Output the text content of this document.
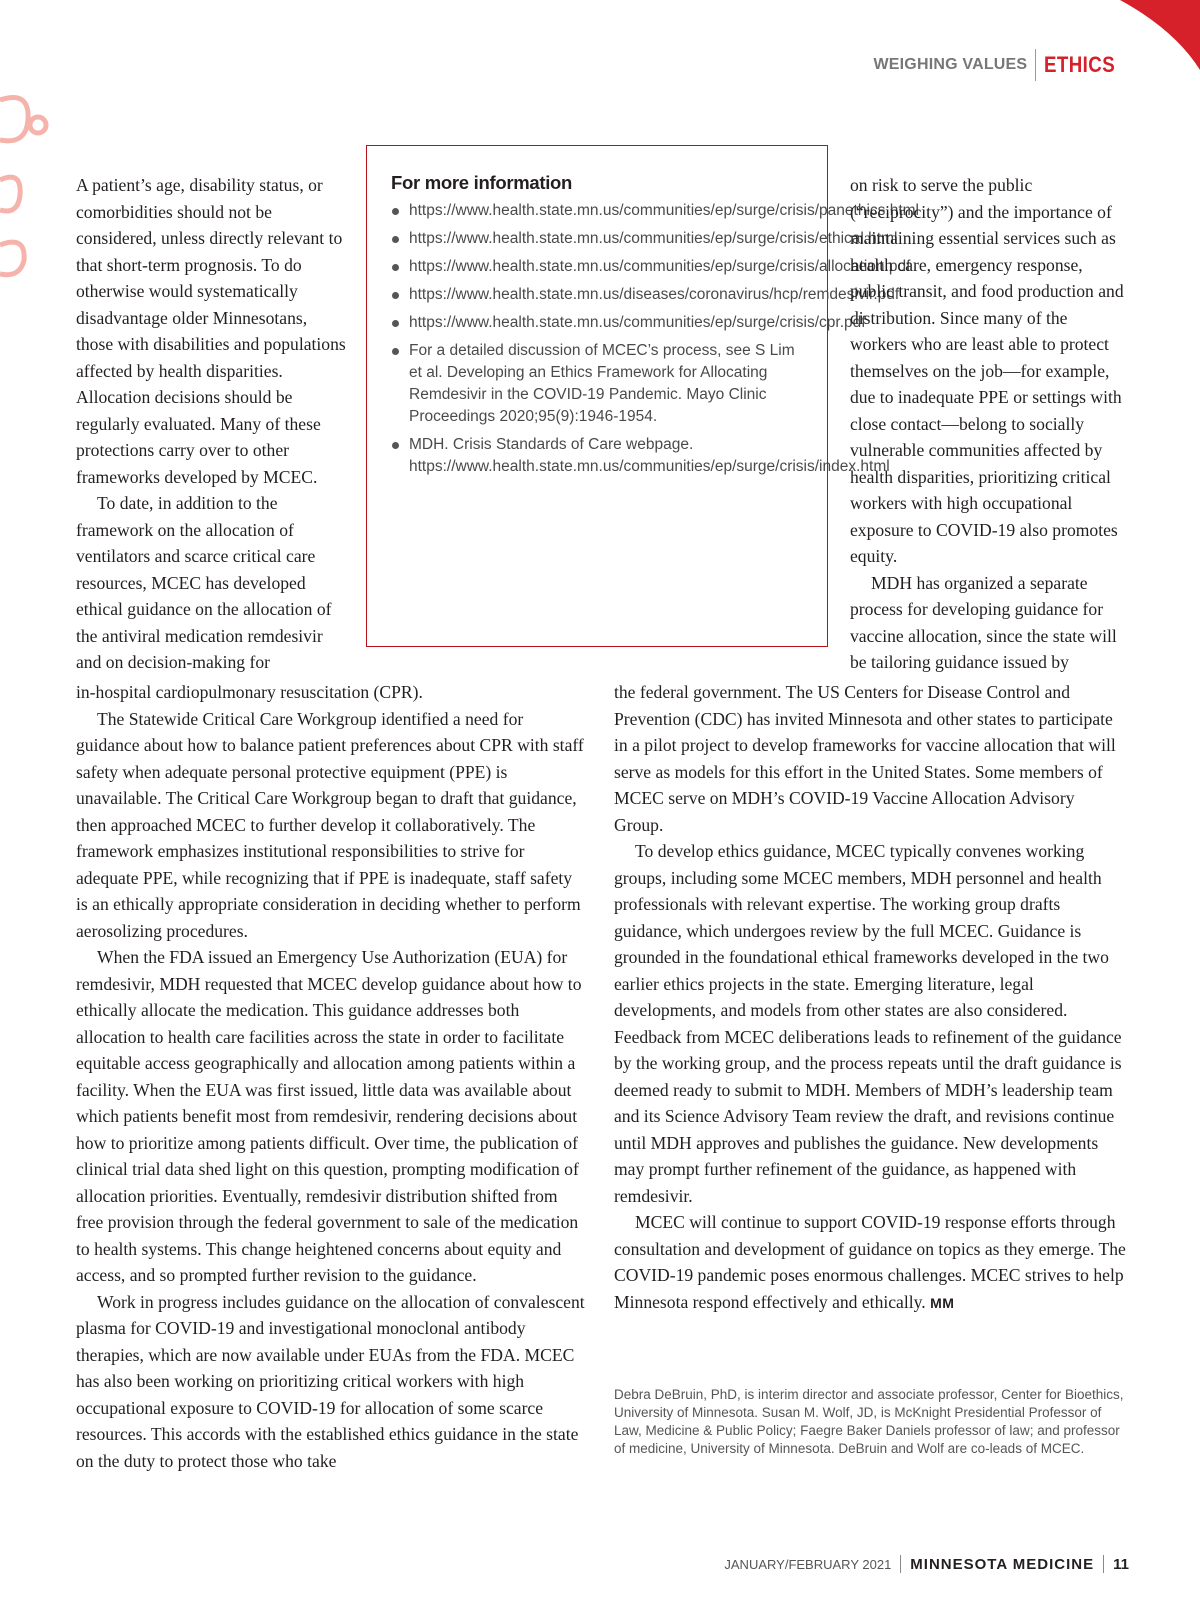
WEIGHING VALUES ETHICS

A patient’s age, disability status, or comorbidities should not be considered, unless directly relevant to that short-term prognosis. To do otherwise would systematically disadvantage older Minnesotans, those with disabilities and populations affected by health disparities. Allocation decisions should be regularly evaluated. Many of these protections carry over to other frameworks developed by MCEC.

To date, in addition to the framework on the allocation of ventilators and scarce critical care resources, MCEC has developed ethical guidance on the allocation of the antiviral medication remdesivir and on decision-making for

For more information
https://www.health.state.mn.us/communities/ep/surge/crisis/panethics.html
https://www.health.state.mn.us/communities/ep/surge/crisis/ethical.html
https://www.health.state.mn.us/communities/ep/surge/crisis/allocation.pdf
https://www.health.state.mn.us/diseases/coronavirus/hcp/remdesivir.pdf
https://www.health.state.mn.us/communities/ep/surge/crisis/cpr.pdf
For a detailed discussion of MCEC’s process, see S Lim et al. Developing an Ethics Framework for Allocating Remdesivir in the COVID-19 Pandemic. Mayo Clinic Proceedings 2020;95(9):1946-1954.
MDH. Crisis Standards of Care webpage. https://www.health.state.mn.us/communities/ep/surge/crisis/index.html

on risk to serve the public (“reciprocity”) and the importance of maintaining essential services such as health care, emergency response, public transit, and food production and distribution. Since many of the workers who are least able to protect themselves on the job—for example, due to inadequate PPE or settings with close contact—belong to socially vulnerable communities affected by health disparities, prioritizing critical workers with high occupational exposure to COVID-19 also promotes equity.

MDH has organized a separate process for developing guidance for vaccine allocation, since the state will be tailoring guidance issued by

in-hospital cardiopulmonary resuscitation (CPR).

The Statewide Critical Care Workgroup identified a need for guidance about how to balance patient preferences about CPR with staff safety when adequate personal protective equipment (PPE) is unavailable. The Critical Care Workgroup began to draft that guidance, then approached MCEC to further develop it collaboratively. The framework emphasizes institutional responsibilities to strive for adequate PPE, while recognizing that if PPE is inadequate, staff safety is an ethically appropriate consideration in deciding whether to perform aerosolizing procedures.

When the FDA issued an Emergency Use Authorization (EUA) for remdesivir, MDH requested that MCEC develop guidance about how to ethically allocate the medication. This guidance addresses both allocation to health care facilities across the state in order to facilitate equitable access geographically and allocation among patients within a facility. When the EUA was first issued, little data was available about which patients benefit most from remdesivir, rendering decisions about how to prioritize among patients difficult. Over time, the publication of clinical trial data shed light on this question, prompting modification of allocation priorities. Eventually, remdesivir distribution shifted from free provision through the federal government to sale of the medication to health systems. This change heightened concerns about equity and access, and so prompted further revision to the guidance.

Work in progress includes guidance on the allocation of convalescent plasma for COVID-19 and investigational monoclonal antibody therapies, which are now available under EUAs from the FDA. MCEC has also been working on prioritizing critical workers with high occupational exposure to COVID-19 for allocation of some scarce resources. This accords with the established ethics guidance in the state on the duty to protect those who take

the federal government. The US Centers for Disease Control and Prevention (CDC) has invited Minnesota and other states to participate in a pilot project to develop frameworks for vaccine allocation that will serve as models for this effort in the United States. Some members of MCEC serve on MDH’s COVID-19 Vaccine Allocation Advisory Group.

To develop ethics guidance, MCEC typically convenes working groups, including some MCEC members, MDH personnel and health professionals with relevant expertise. The working group drafts guidance, which undergoes review by the full MCEC. Guidance is grounded in the foundational ethical frameworks developed in the two earlier ethics projects in the state. Emerging literature, legal developments, and models from other states are also considered. Feedback from MCEC deliberations leads to refinement of the guidance by the working group, and the process repeats until the draft guidance is deemed ready to submit to MDH. Members of MDH’s leadership team and its Science Advisory Team review the draft, and revisions continue until MDH approves and publishes the guidance. New developments may prompt further refinement of the guidance, as happened with remdesivir.

MCEC will continue to support COVID-19 response efforts through consultation and development of guidance on topics as they emerge. The COVID-19 pandemic poses enormous challenges. MCEC strives to help Minnesota respond effectively and ethically. MM

Debra DeBruin, PhD, is interim director and associate professor, Center for Bioethics, University of Minnesota. Susan M. Wolf, JD, is McKnight Presidential Professor of Law, Medicine & Public Policy; Faegre Baker Daniels professor of law; and professor of medicine, University of Minnesota. DeBruin and Wolf are co-leads of MCEC.
JANUARY/FEBRUARY 2021 MINNESOTA MEDICINE 11
